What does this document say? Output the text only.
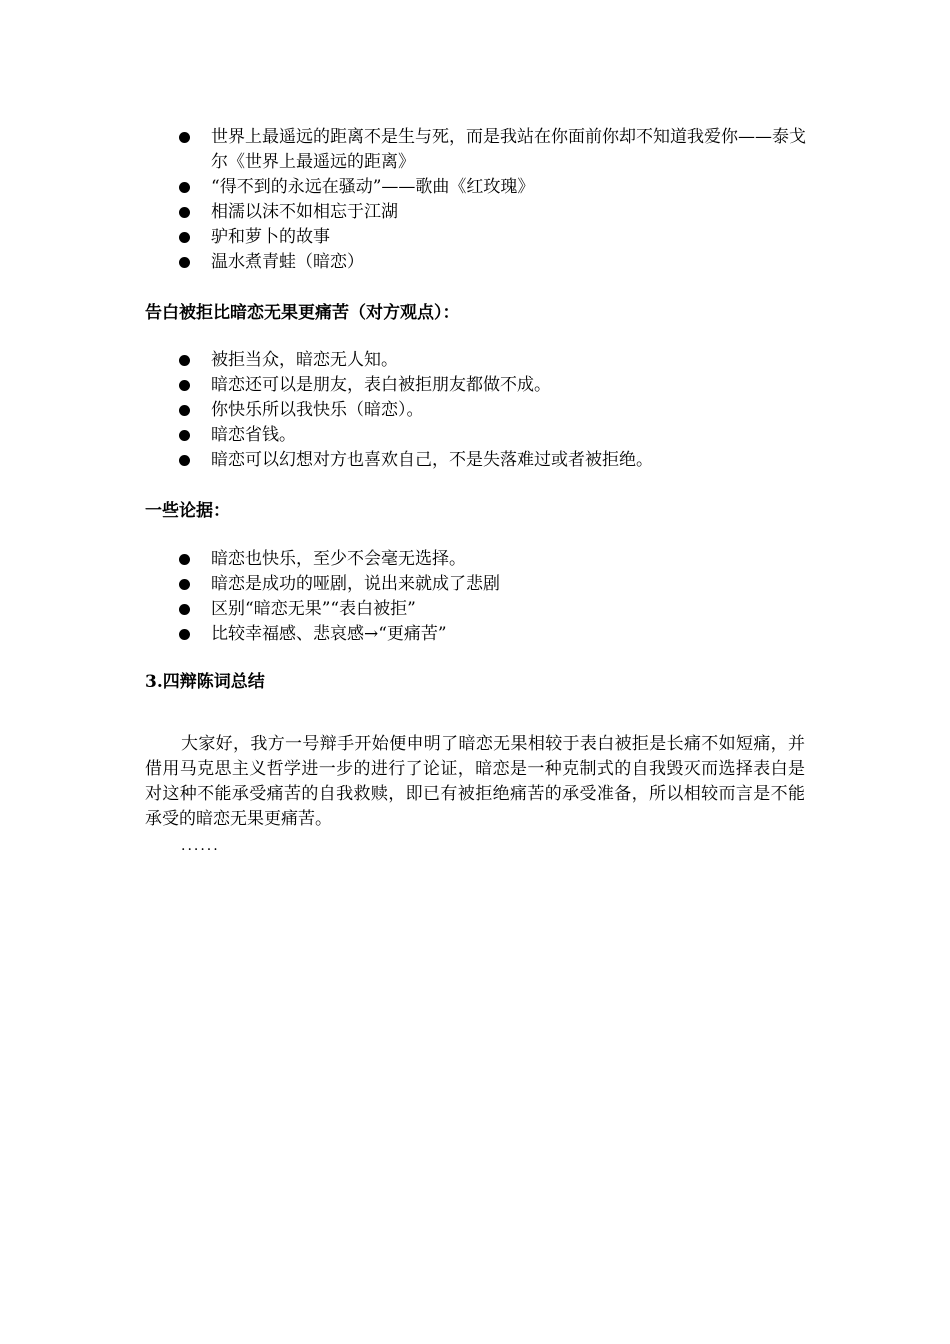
世界上最遥远的距离不是生与死，而是我站在你面前你却不知道我爱你——泰戈尔《世界上最遥远的距离》
“得不到的永远在骚动”——歌曲《红玫瑰》
相濡以沫不如相忘于江湖
驴和萝卜的故事
温水煮青蛙（暗恋）
告白被拒比暗恋无果更痛苦（对方观点）：
被拒当众，暗恋无人知。
暗恋还可以是朋友，表白被拒朋友都做不成。
你快乐所以我快乐（暗恋）。
暗恋省钱。
暗恋可以幻想对方也喜欢自己，不是失落难过或者被拒绝。
一些论据：
暗恋也快乐，至少不会毫无选择。
暗恋是成功的哑剧，说出来就成了悲剧
区别“暗恋无果”“表白被拒”
比较幸福感、悲哀感→“更痛苦”
3.四辩陈词总结

大家好，我方一号辩手开始便申明了暗恋无果相较于表白被拒是长痛不如短痛，并借用马克思主义哲学进一步的进行了论证，暗恋是一种克制式的自我毁灭而选择表白是对这种不能承受痛苦的自我救赎，即已有被拒绝痛苦的承受准备，所以相较而言是不能承受的暗恋无果更痛苦。

......
